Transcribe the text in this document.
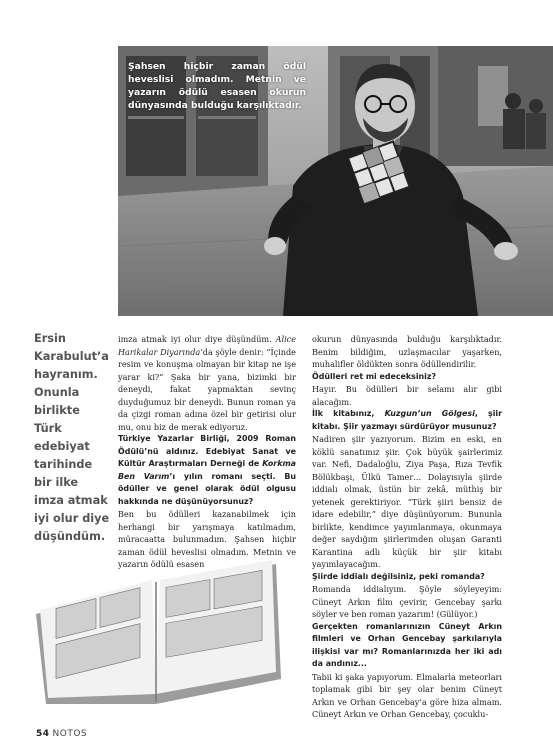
Şahsen hiçbir zaman ödül heveslisi olmadım. Metnin ve yazarın ödülü esasen okurun dünyasında bulduğu karşılıktadır.

Ersin Karabulut’a hayranım. Onunla birlikte Türk edebiyat tarihinde bir ilke imza atmak iyi olur diye düşündüm.

imza atmak iyi olur diye düşündüm. Alice Harikalar Diyarında’da şöyle denir: “İçinde resim ve konuşma olmayan bir kitap ne işe yarar ki?” Şaka bir yana, bizimki bir deneydi, fakat yapmaktan sevinç duyduğumuz bir deneydi. Bunun roman ya da çizgi roman adına özel bir getirisi olur mu, onu biz de merak ediyoruz.

Türkiye Yazarlar Birliği, 2009 Roman Ödülü’nü aldınız. Edebiyat Sanat ve Kültür Araştırmaları Derneği de Korkma Ben Varım’ı yılın romanı seçti. Bu ödüller ve genel olarak ödül olgusu hakkında ne düşünüyorsunuz?

Ben bu ödülleri kazanabilmek için herhangi bir yarışmaya katılmadım, müracaatta bulunmadım. Şahsen hiçbir zaman ödül heveslisi olmadım. Metnin ve yazarın ödülü esasen

okurun dünyasında bulduğu karşılıktadır. Benim bildiğim, uzlaşmacılar yaşarken, muhalifler öldükten sonra ödüllendirilir.

Ödülleri ret mi edeceksiniz?

Hayır. Bu ödülleri bir selamı alır gibi alacağım.

İlk kitabınız, Kuzgun’un Gölgesi, şiir kitabı. Şiir yazmayı sürdürüyor musunuz?

Nadiren şiir yazıyorum. Bizim en eski, en köklü sanatımız şiir. Çok büyük şairlerimiz var. Nefi, Dadaloğlu, Ziya Paşa, Rıza Tevfik Bölükbaşı, Ülkü Tamer… Dolayısıyla şiirde iddialı olmak, üstün bir zekâ, müthiş bir yetenek gerektiriyor. “Türk şiiri bensiz de idare edebilir,” diye düşünüyorum. Bununla birlikte, kendimce yayımlanmaya, okunmaya değer saydığım şiirlerimden oluşan Garanti Karantina adlı küçük bir şiir kitabı yayımlayacağım.

Şiirde iddialı değilsiniz, peki romanda?

Romanda iddialıyım. Şöyle söyleyeyim: Cüneyt Arkın film çevirir, Gencebay şarkı söyler ve ben roman yazarım! (Gülüyor.)

Gerçekten romanlarınızın Cüneyt Arkın filmleri ve Orhan Gencebay şarkılarıyla ilişkisi var mı? Romanlarınızda her iki adı da andınız...

Tabii ki şaka yapıyorum. Elmalarla meteorları toplamak gibi bir şey olar benim Cüneyt Arkın ve Orhan Gencebay’a göre hiza almam. Cüneyt Arkın ve Orhan Gencebay, çocuklu-

54 NOTOS
